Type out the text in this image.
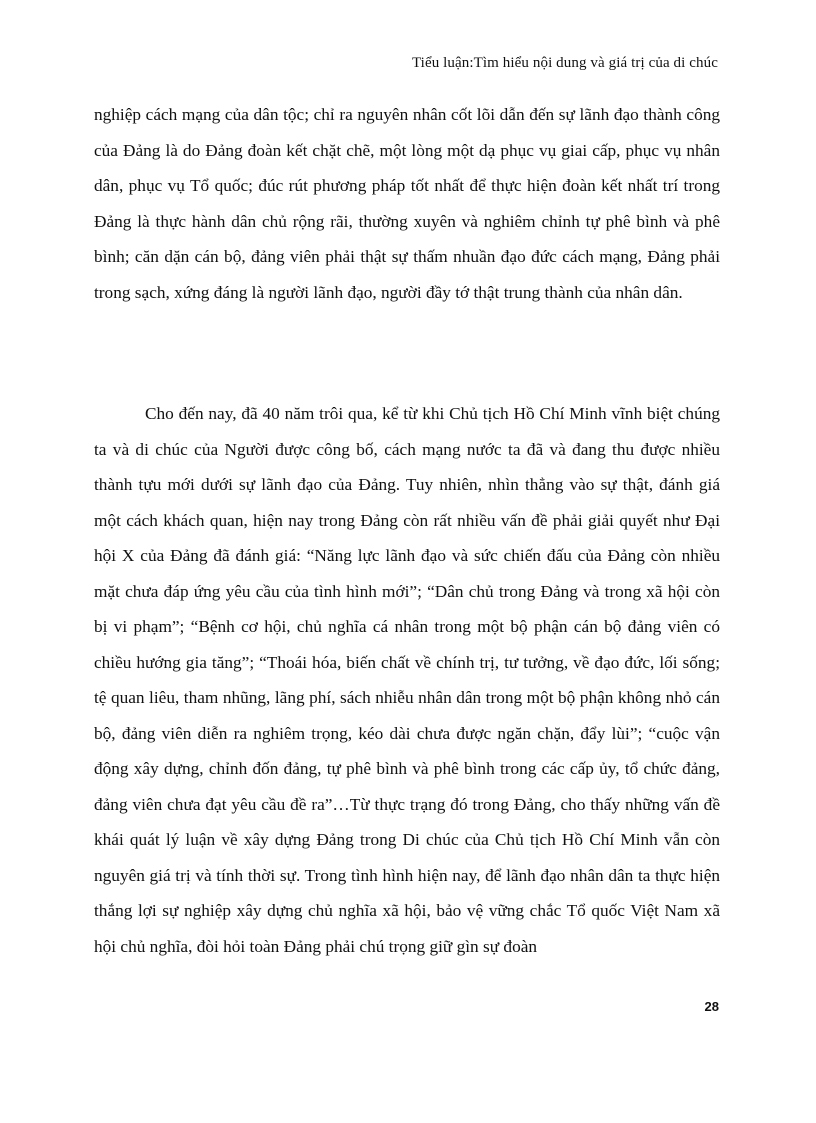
Tiểu luận:Tìm hiểu nội dung và giá trị của di chúc

nghiệp cách mạng của dân tộc; chỉ ra nguyên nhân cốt lõi dẫn đến sự lãnh đạo thành công của Đảng là do Đảng đoàn kết chặt chẽ, một lòng một dạ phục vụ giai cấp, phục vụ nhân dân, phục vụ Tổ quốc; đúc rút phương pháp tốt nhất để thực hiện đoàn kết nhất trí trong Đảng là thực hành dân chủ rộng rãi, thường xuyên và nghiêm chỉnh tự phê bình và phê bình; căn dặn cán bộ, đảng viên phải thật sự thấm nhuần đạo đức cách mạng, Đảng phải trong sạch, xứng đáng là người lãnh đạo, người đầy tớ thật trung thành của nhân dân.

Cho đến nay, đã 40 năm trôi qua, kể từ khi Chủ tịch Hồ Chí Minh vĩnh biệt chúng ta và di chúc của Người được công bố, cách mạng nước ta đã và đang thu được nhiều thành tựu mới dưới sự lãnh đạo của Đảng. Tuy nhiên, nhìn thẳng vào sự thật, đánh giá một cách khách quan, hiện nay trong Đảng còn rất nhiều vấn đề phải giải quyết như Đại hội X của Đảng đã đánh giá: “Năng lực lãnh đạo và sức chiến đấu của Đảng còn nhiều mặt chưa đáp ứng yêu cầu của tình hình mới”; “Dân chủ trong Đảng và trong xã hội còn bị vi phạm”; “Bệnh cơ hội, chủ nghĩa cá nhân trong một bộ phận cán bộ đảng viên có chiều hướng gia tăng”; “Thoái hóa, biến chất về chính trị, tư tưởng, về đạo đức, lối sống; tệ quan liêu, tham nhũng, lãng phí, sách nhiễu nhân dân trong một bộ phận không nhỏ cán bộ, đảng viên diễn ra nghiêm trọng, kéo dài chưa được ngăn chặn, đẩy lùi”; “cuộc vận động xây dựng, chỉnh đốn đảng, tự phê bình và phê bình trong các cấp ủy, tổ chức đảng, đảng viên chưa đạt yêu cầu đề ra”…Từ thực trạng đó trong Đảng, cho thấy những vấn đề khái quát lý luận về xây dựng Đảng trong Di chúc của Chủ tịch Hồ Chí Minh vẫn còn nguyên giá trị và tính thời sự. Trong tình hình hiện nay, để lãnh đạo nhân dân ta thực hiện thắng lợi sự nghiệp xây dựng chủ nghĩa xã hội, bảo vệ vững chắc Tổ quốc Việt Nam xã hội chủ nghĩa, đòi hỏi toàn Đảng phải chú trọng giữ gìn sự đoàn

28
